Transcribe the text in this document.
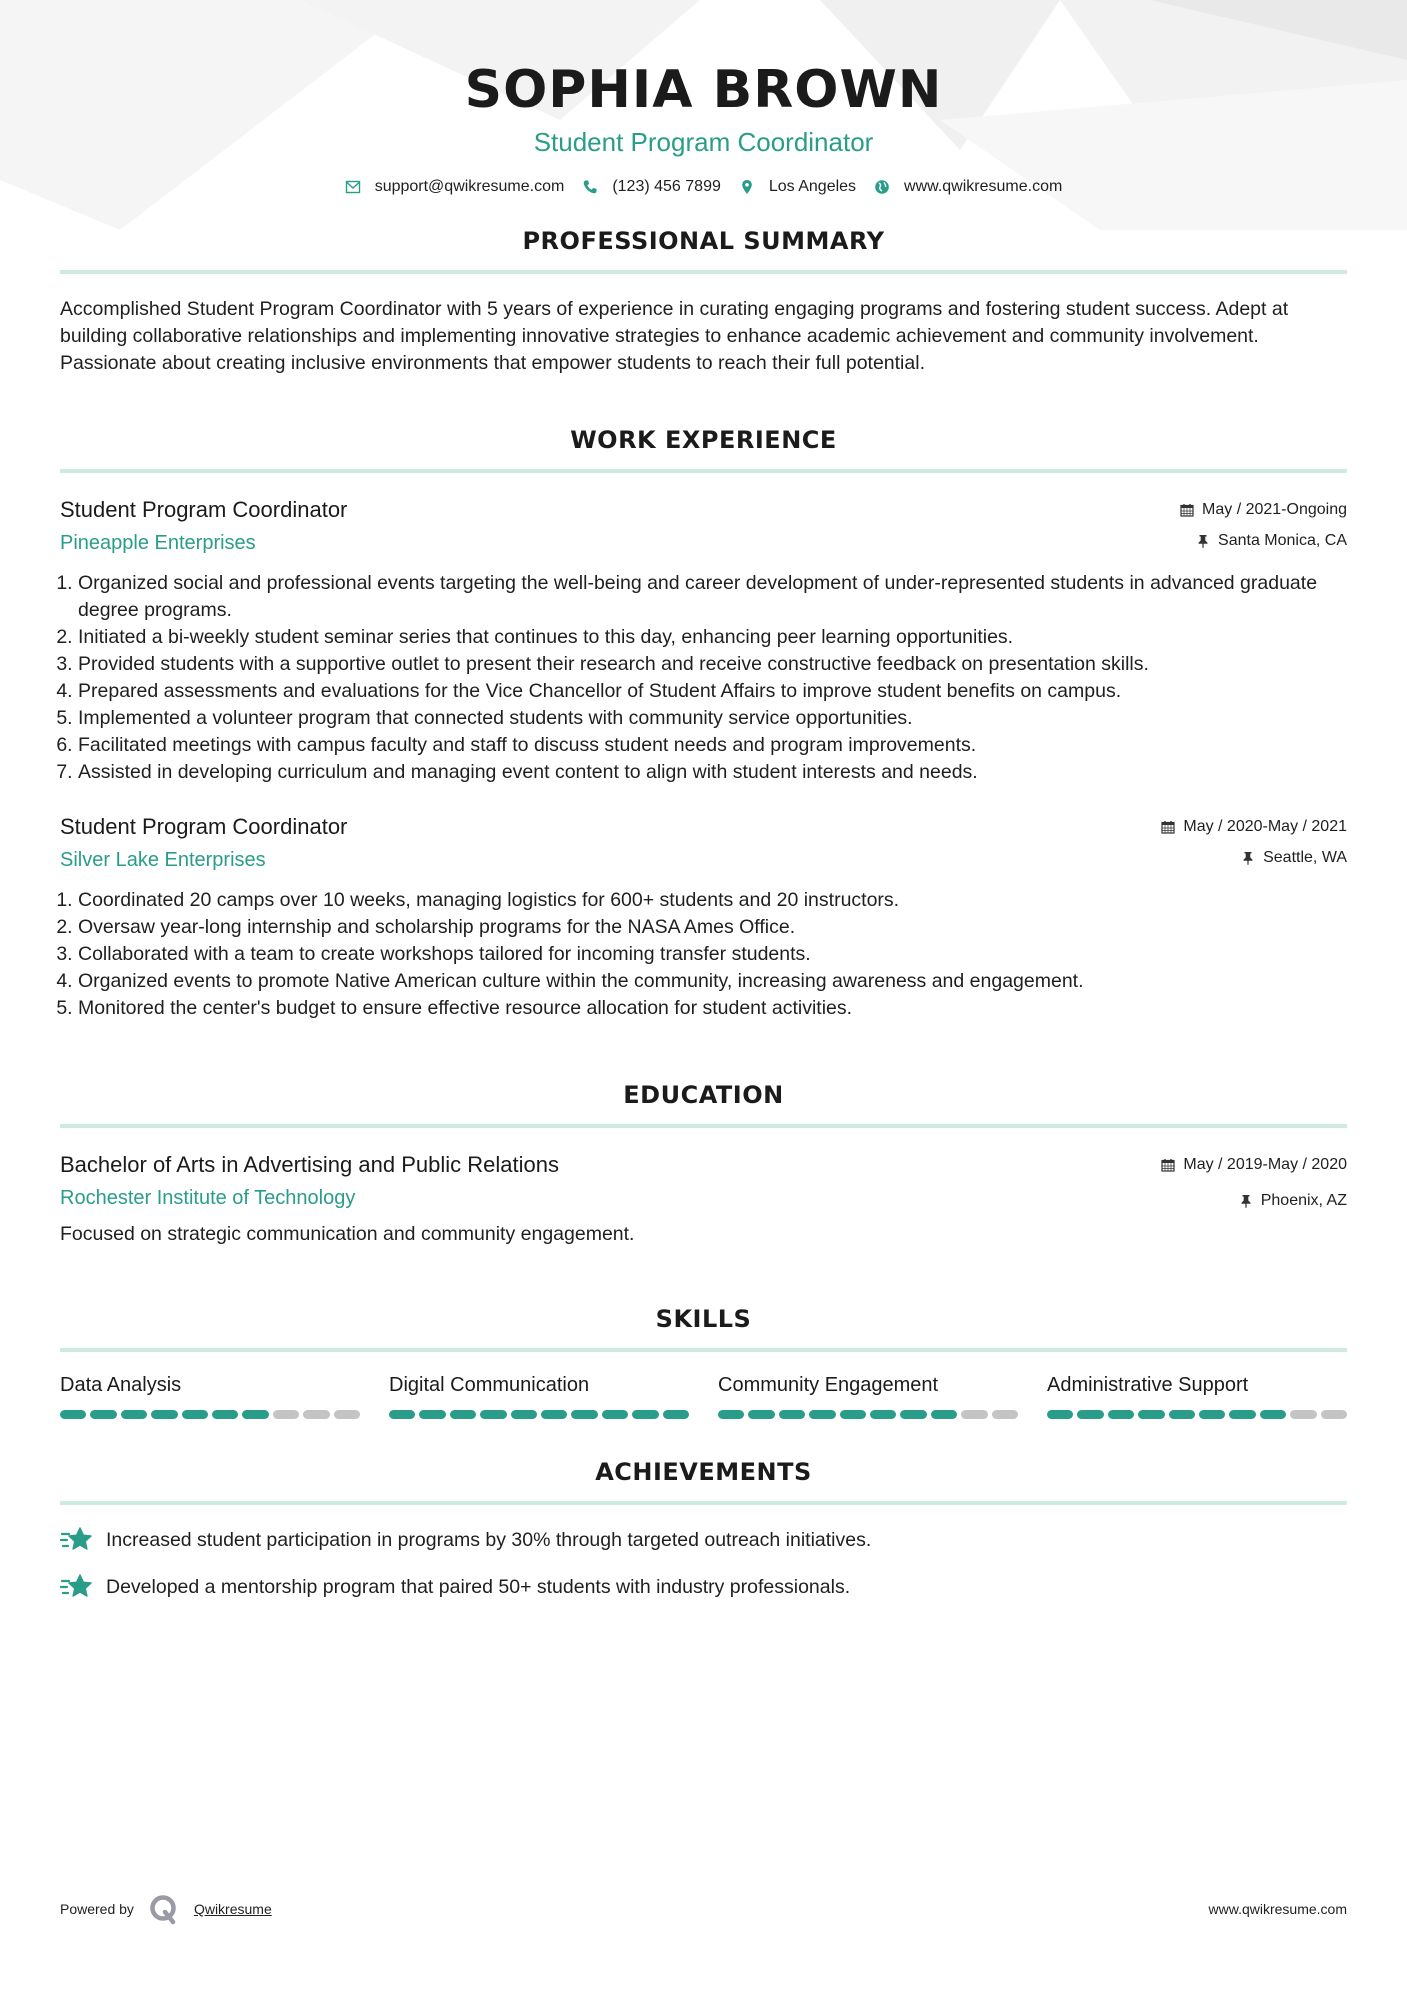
SOPHIA BROWN
Student Program Coordinator
support@qwikresume.com	(123) 456 7899	Los Angeles	www.qwikresume.com
PROFESSIONAL SUMMARY
Accomplished Student Program Coordinator with 5 years of experience in curating engaging programs and fostering student success. Adept at building collaborative relationships and implementing innovative strategies to enhance academic achievement and community involvement. Passionate about creating inclusive environments that empower students to reach their full potential.
WORK EXPERIENCE
Student Program Coordinator
Pineapple Enterprises
May / 2021-Ongoing
Santa Monica, CA
1. Organized social and professional events targeting the well-being and career development of under-represented students in advanced graduate degree programs.
2. Initiated a bi-weekly student seminar series that continues to this day, enhancing peer learning opportunities.
3. Provided students with a supportive outlet to present their research and receive constructive feedback on presentation skills.
4. Prepared assessments and evaluations for the Vice Chancellor of Student Affairs to improve student benefits on campus.
5. Implemented a volunteer program that connected students with community service opportunities.
6. Facilitated meetings with campus faculty and staff to discuss student needs and program improvements.
7. Assisted in developing curriculum and managing event content to align with student interests and needs.
Student Program Coordinator
Silver Lake Enterprises
May / 2020-May / 2021
Seattle, WA
1. Coordinated 20 camps over 10 weeks, managing logistics for 600+ students and 20 instructors.
2. Oversaw year-long internship and scholarship programs for the NASA Ames Office.
3. Collaborated with a team to create workshops tailored for incoming transfer students.
4. Organized events to promote Native American culture within the community, increasing awareness and engagement.
5. Monitored the center's budget to ensure effective resource allocation for student activities.
EDUCATION
Bachelor of Arts in Advertising and Public Relations
Rochester Institute of Technology
May / 2019-May / 2020
Phoenix, AZ
Focused on strategic communication and community engagement.
SKILLS
Data Analysis	Digital Communication	Community Engagement	Administrative Support
ACHIEVEMENTS
Increased student participation in programs by 30% through targeted outreach initiatives.
Developed a mentorship program that paired 50+ students with industry professionals.
Powered by	Qwikresume	www.qwikresume.com
